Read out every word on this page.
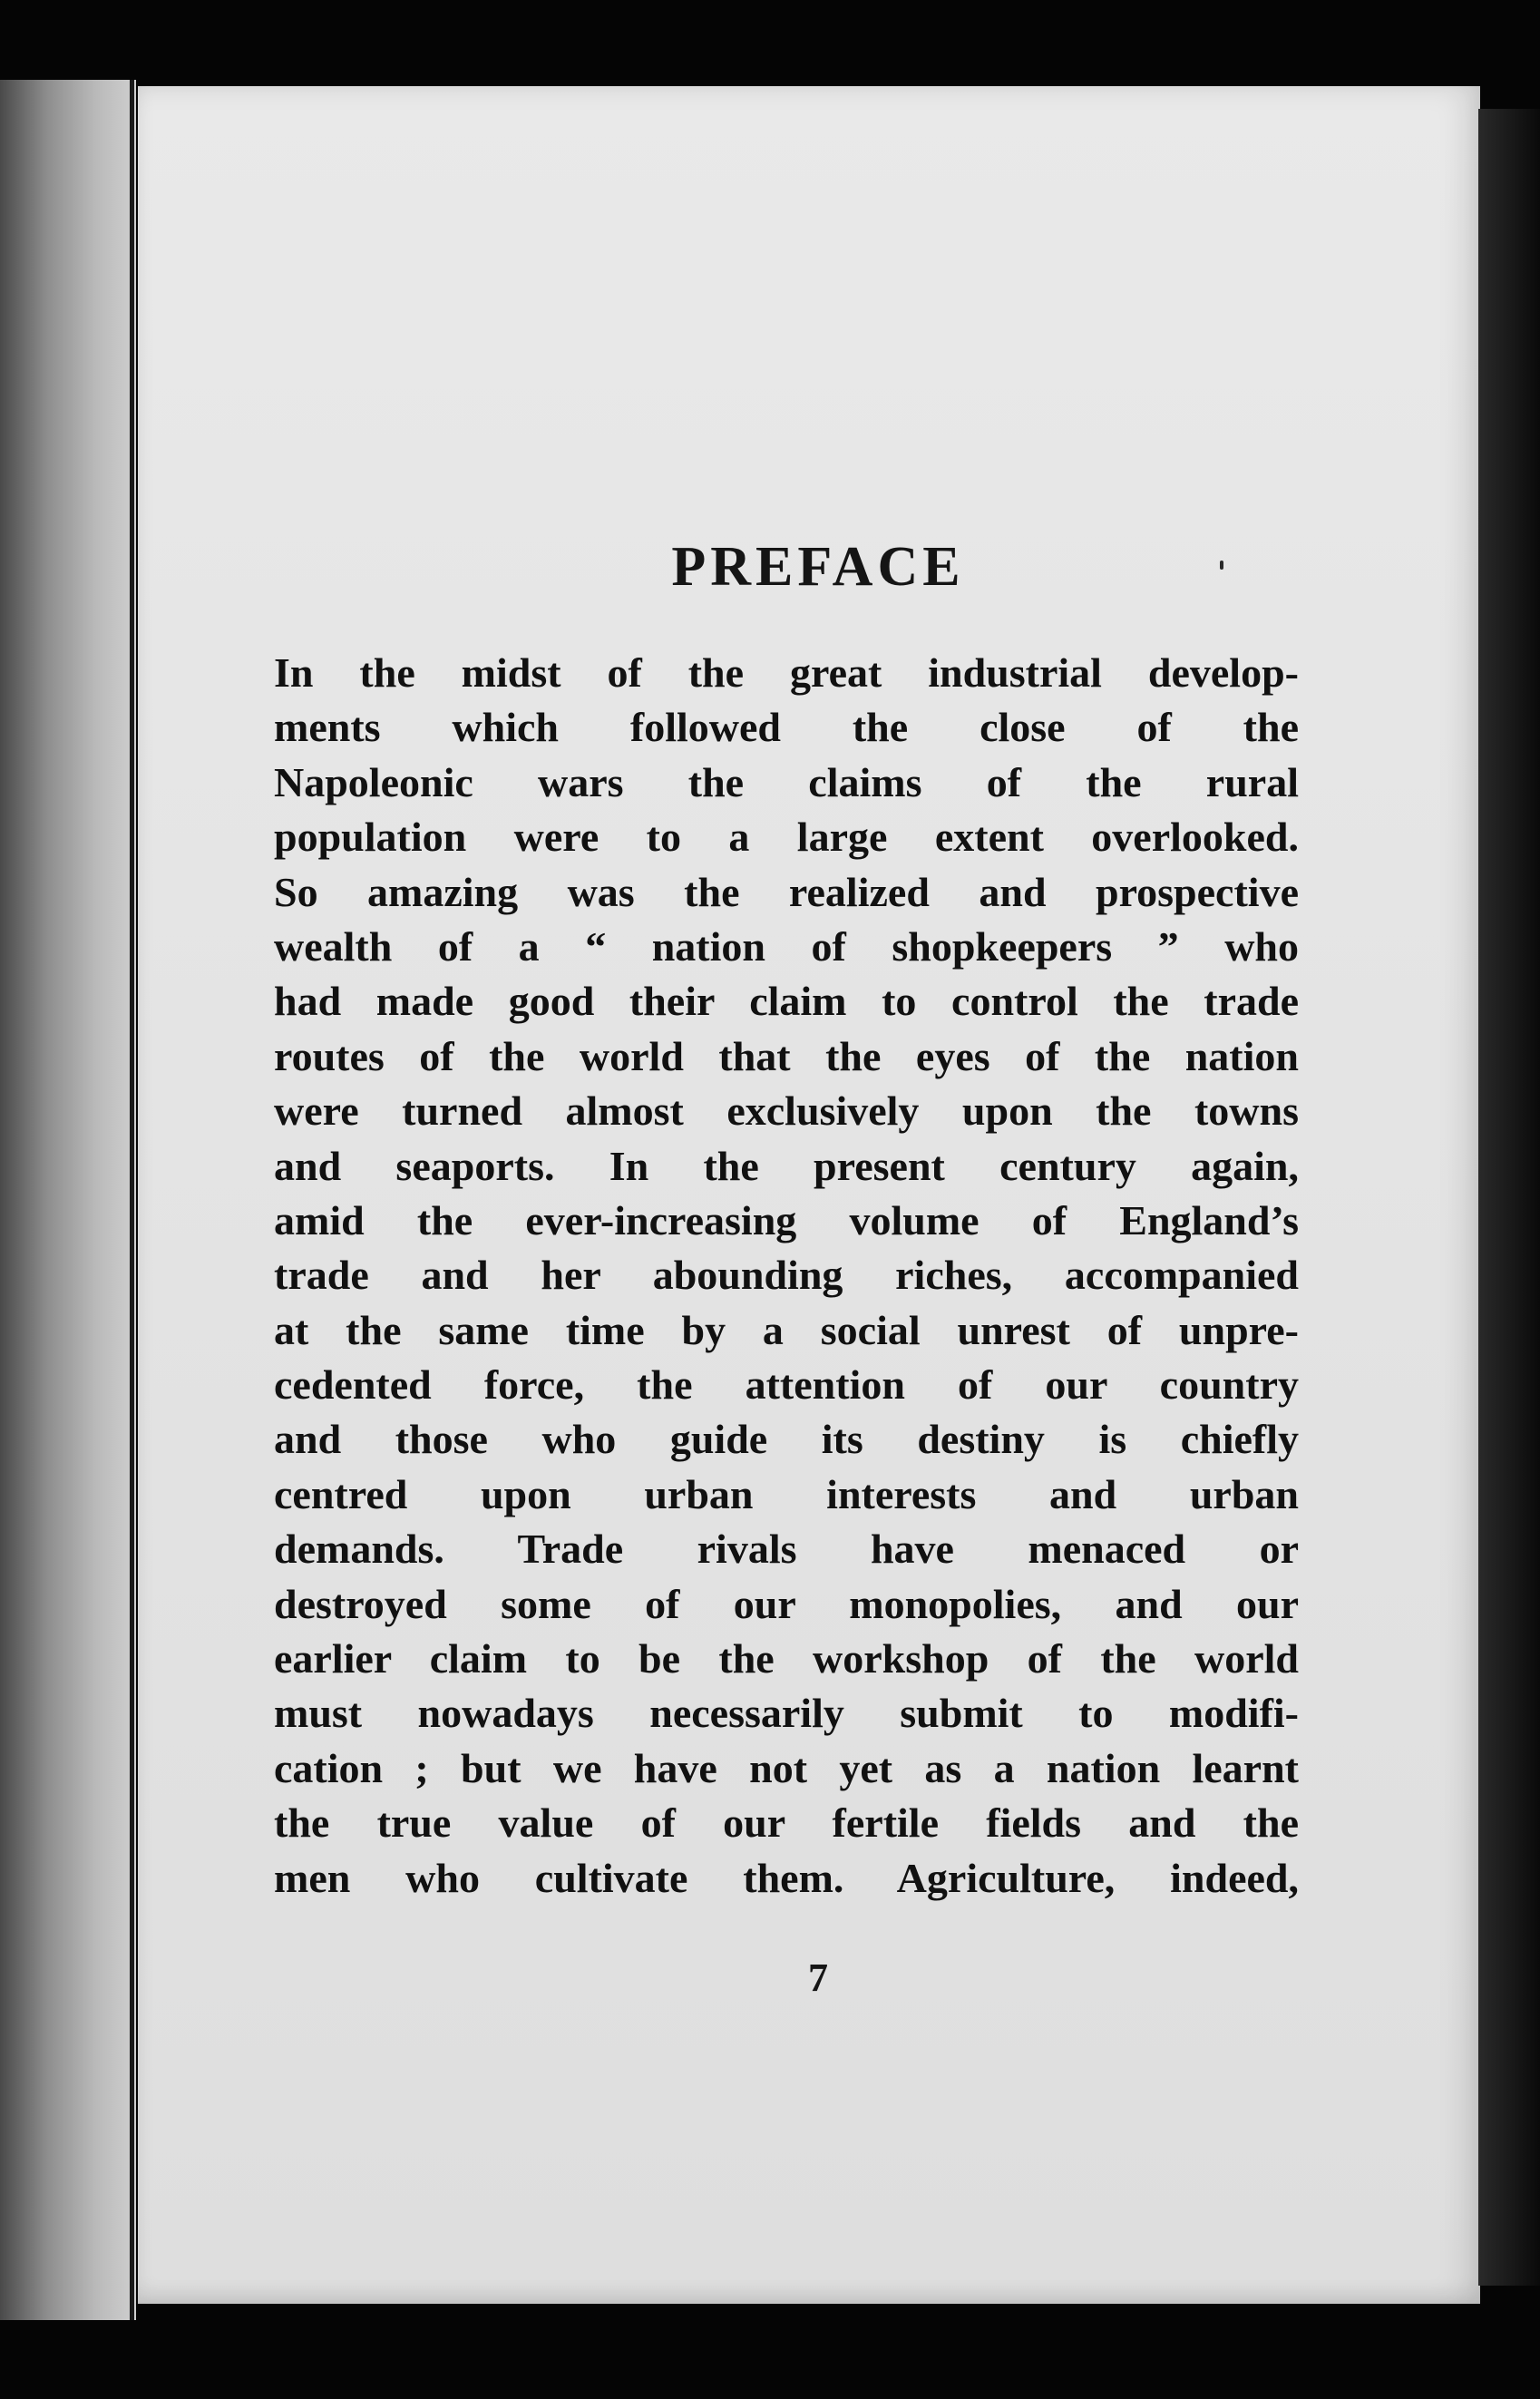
PREFACE
In the midst of the great industrial develop-
ments which followed the close of the
Napoleonic wars the claims of the rural
population were to a large extent overlooked.
So amazing was the realized and prospective
wealth of a “ nation of shopkeepers ” who
had made good their claim to control the trade
routes of the world that the eyes of the nation
were turned almost exclusively upon the towns
and seaports. In the present century again,
amid the ever-increasing volume of England’s
trade and her abounding riches, accompanied
at the same time by a social unrest of unpre-
cedented force, the attention of our country
and those who guide its destiny is chiefly
centred upon urban interests and urban
demands. Trade rivals have menaced or
destroyed some of our monopolies, and our
earlier claim to be the workshop of the world
must nowadays necessarily submit to modifi-
cation ; but we have not yet as a nation learnt
the true value of our fertile fields and the
men who cultivate them. Agriculture, indeed,
7
